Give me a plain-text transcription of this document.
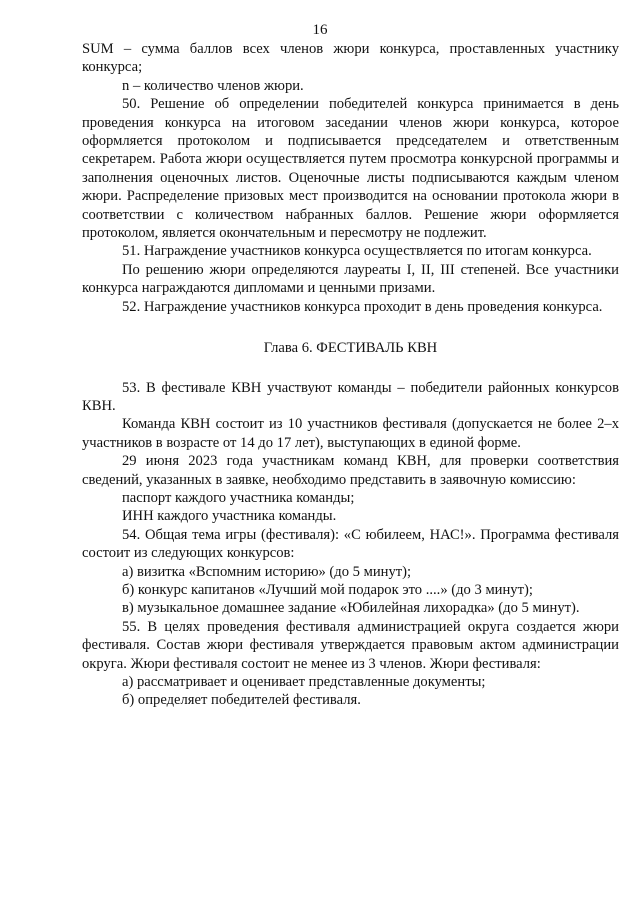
16

SUM – сумма баллов всех членов жюри конкурса, проставленных участнику конкурса;

n – количество членов жюри.

50. Решение об определении победителей конкурса принимается в день проведения конкурса на итоговом заседании членов жюри конкурса, которое оформляется протоколом и подписывается председателем и ответственным секретарем. Работа жюри осуществляется путем просмотра конкурсной программы и заполнения оценочных листов. Оценочные листы подписываются каждым членом жюри. Распределение призовых мест производится на основании протокола жюри в соответствии с количеством набранных баллов. Решение жюри оформляется протоколом, является окончательным и пересмотру не подлежит.

51. Награждение участников конкурса осуществляется по итогам конкурса.

По решению жюри определяются лауреаты I, II, III степеней. Все участники конкурса награждаются дипломами и ценными призами.

52. Награждение участников конкурса проходит в день проведения конкурса.

Глава 6. ФЕСТИВАЛЬ КВН

53. В фестивале КВН участвуют команды – победители районных конкурсов КВН.

Команда КВН состоит из 10 участников фестиваля (допускается не более 2–х участников в возрасте от 14 до 17 лет), выступающих в единой форме.

29 июня 2023 года участникам команд КВН, для проверки соответствия сведений, указанных в заявке, необходимо представить в заявочную комиссию:

паспорт каждого участника команды;

ИНН каждого участника команды.

54. Общая тема игры (фестиваля): «С юбилеем, НАС!». Программа фестиваля состоит из следующих конкурсов:

а) визитка «Вспомним историю» (до 5 минут);

б) конкурс капитанов «Лучший мой подарок это ....» (до 3 минут);

в) музыкальное домашнее задание «Юбилейная лихорадка» (до 5 минут).

55. В целях проведения фестиваля администрацией округа создается жюри фестиваля. Состав жюри фестиваля утверждается правовым актом администрации округа. Жюри фестиваля состоит не менее из 3 членов. Жюри фестиваля:

а) рассматривает и оценивает представленные документы;

б) определяет победителей фестиваля.
